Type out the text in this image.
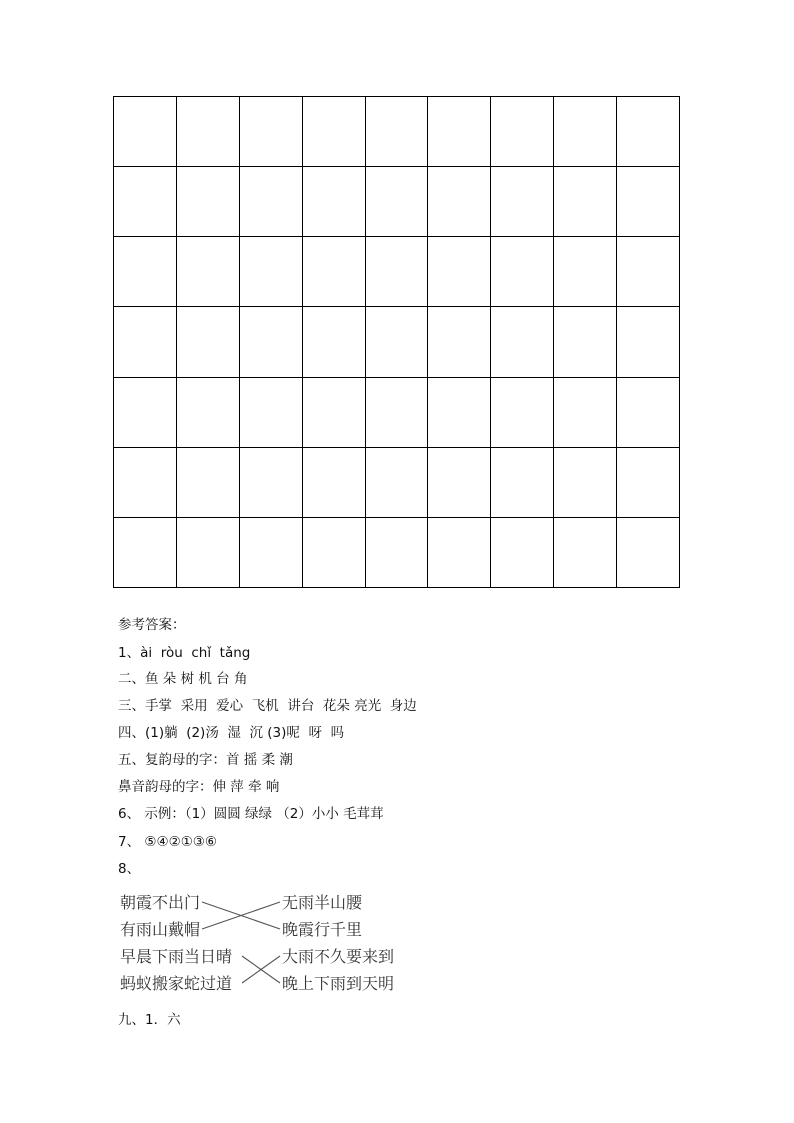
参考答案：

1、ài  ròu  chǐ  tǎng

二、鱼 朵 树 机 台 角

三、手掌  采用  爱心  飞机  讲台  花朵 亮光  身边

四、(1)躺  (2)汤  湿  沉 (3)呢  呀  吗

五、复韵母的字：首 摇 柔 潮

鼻音韵母的字：伸 萍 牵 响

6、 示例：（1）圆圆 绿绿 （2）小小 毛茸茸

7、 ⑤④②①③⑥

8、

朝霞不出门
有雨山戴帽
早晨下雨当日晴
蚂蚁搬家蛇过道
无雨半山腰
晚霞行千里
大雨不久要来到
晚上下雨到天明

九、1．六
